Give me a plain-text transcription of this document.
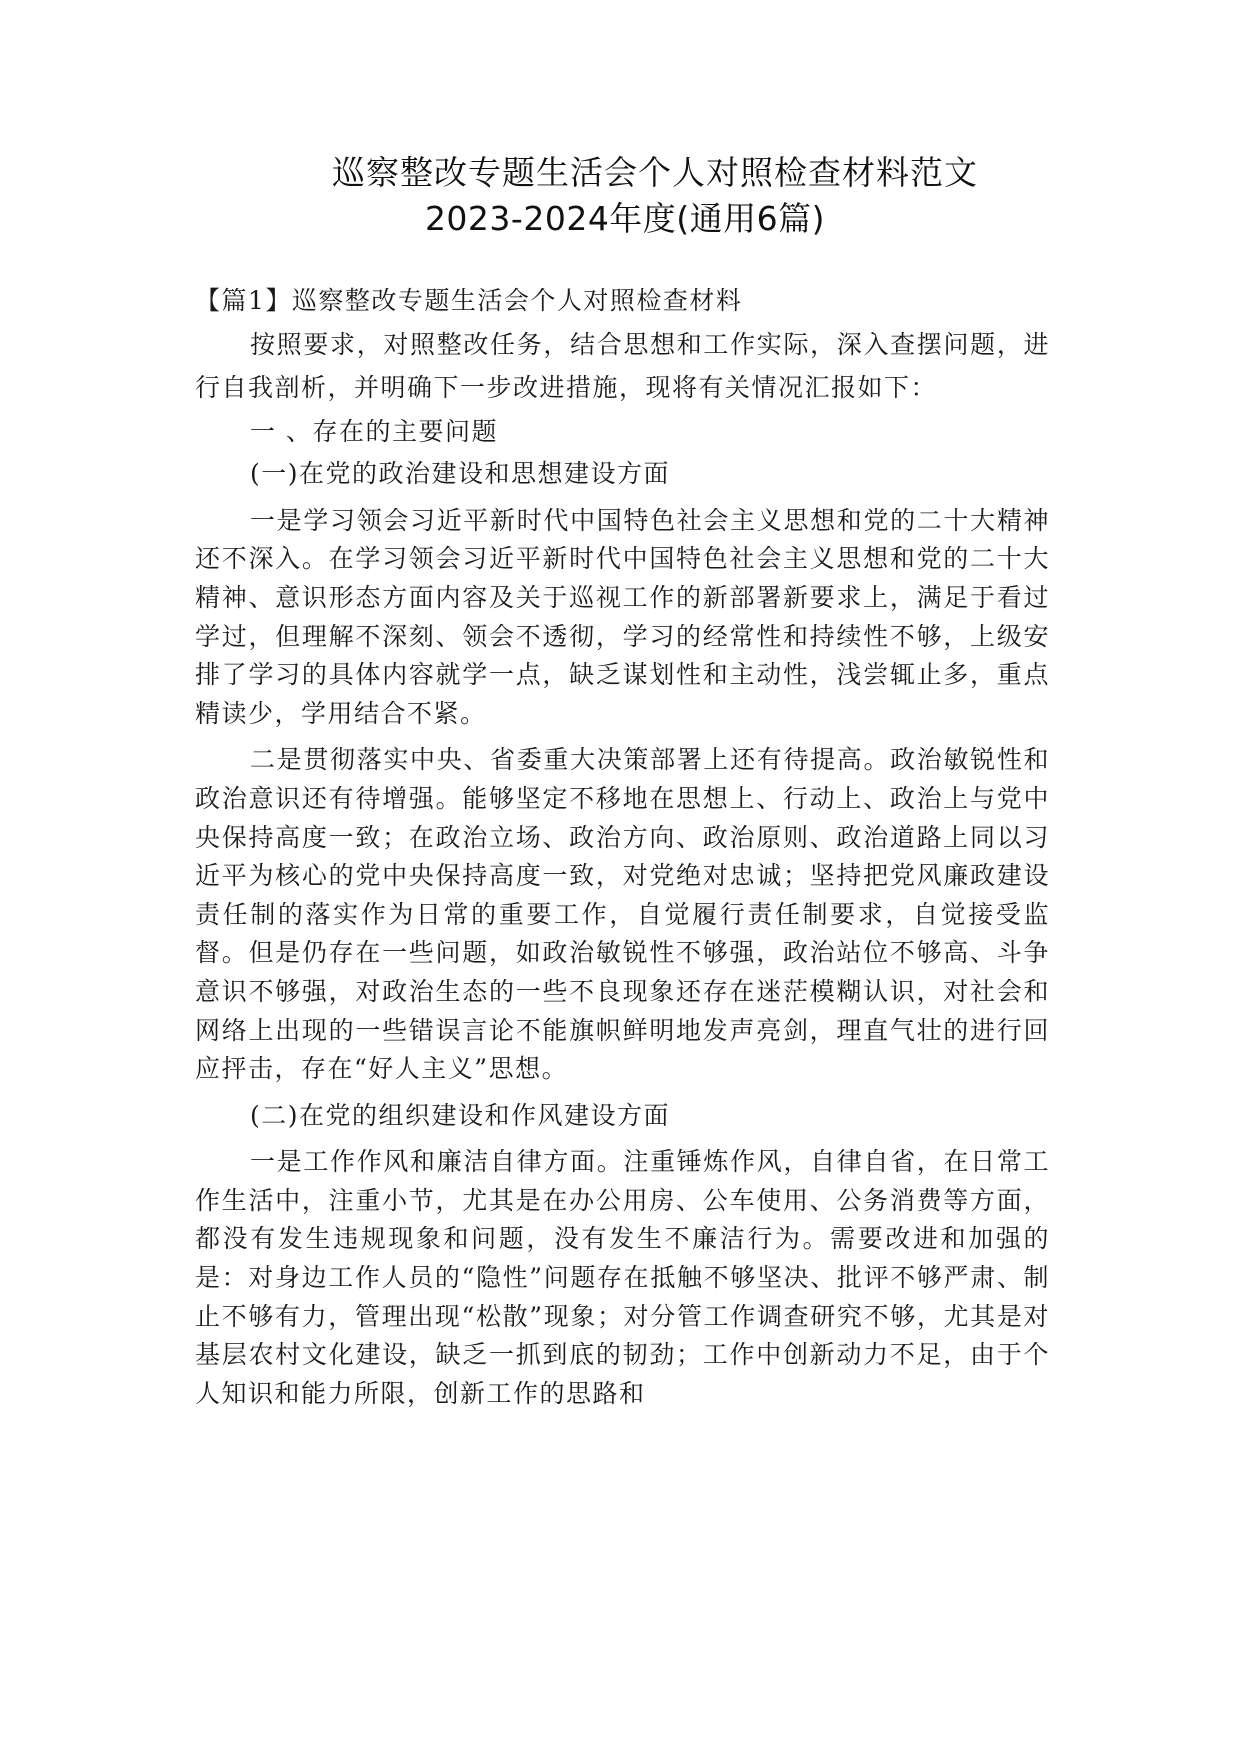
巡察整改专题生活会个人对照检查材料范文
2023-2024年度(通用6篇)

【篇1】巡察整改专题生活会个人对照检查材料

按照要求，对照整改任务，结合思想和工作实际，深入查摆问题，进行自我剖析，并明确下一步改进措施，现将有关情况汇报如下：

一 、存在的主要问题

(一)在党的政治建设和思想建设方面

一是学习领会习近平新时代中国特色社会主义思想和党的二十大精神还不深入。在学习领会习近平新时代中国特色社会主义思想和党的二十大精神、意识形态方面内容及关于巡视工作的新部署新要求上，满足于看过学过，但理解不深刻、领会不透彻，学习的经常性和持续性不够，上级安排了学习的具体内容就学一点，缺乏谋划性和主动性，浅尝辄止多，重点精读少，学用结合不紧。

二是贯彻落实中央、省委重大决策部署上还有待提高。政治敏锐性和政治意识还有待增强。能够坚定不移地在思想上、行动上、政治上与党中央保持高度一致；在政治立场、政治方向、政治原则、政治道路上同以习近平为核心的党中央保持高度一致，对党绝对忠诚；坚持把党风廉政建设责任制的落实作为日常的重要工作，自觉履行责任制要求，自觉接受监督。但是仍存在一些问题，如政治敏锐性不够强，政治站位不够高、斗争意识不够强，对政治生态的一些不良现象还存在迷茫模糊认识，对社会和网络上出现的一些错误言论不能旗帜鲜明地发声亮剑，理直气壮的进行回应抨击，存在“好人主义”思想。

(二)在党的组织建设和作风建设方面

一是工作作风和廉洁自律方面。注重锤炼作风，自律自省，在日常工作生活中，注重小节，尤其是在办公用房、公车使用、公务消费等方面，都没有发生违规现象和问题，没有发生不廉洁行为。需要改进和加强的是：对身边工作人员的“隐性”问题存在抵触不够坚决、批评不够严肃、制止不够有力，管理出现“松散”现象；对分管工作调查研究不够，尤其是对基层农村文化建设，缺乏一抓到底的韧劲；工作中创新动力不足，由于个人知识和能力所限，创新工作的思路和
